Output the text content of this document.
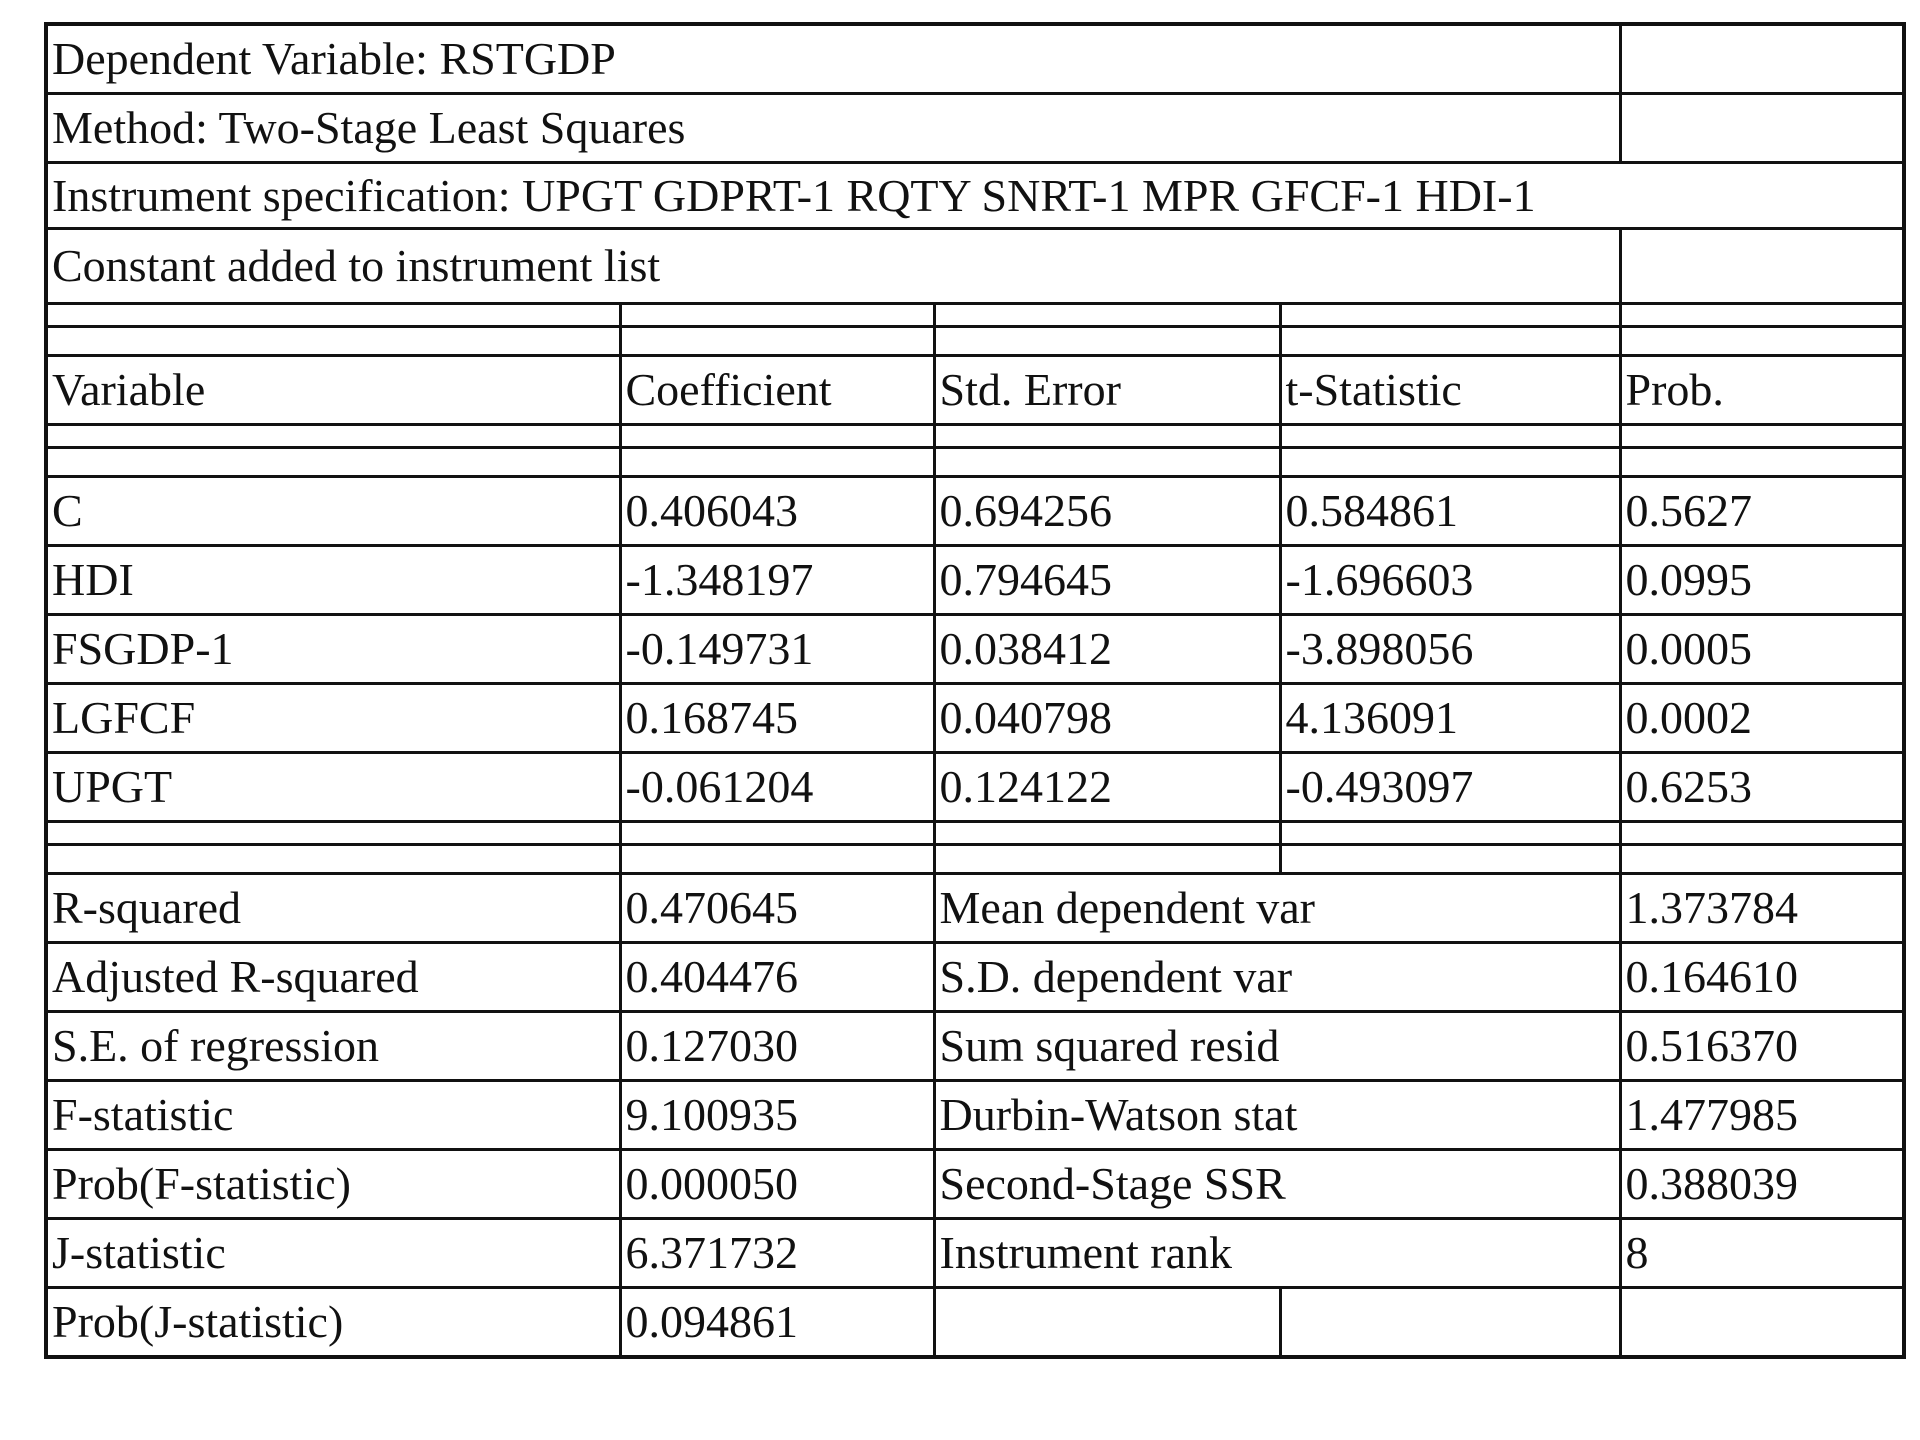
Dependent Variable: RSTGDP				
Method: Two-Stage Least Squares				
Instrument specification: UPGT GDPRT-1 RQTY SNRT-1 MPR GFCF-1 HDI-1				
Constant added to instrument list				

Variable	Coefficient	Std. Error	t-Statistic	Prob.

C	0.406043	0.694256	0.584861	0.5627
HDI	-1.348197	0.794645	-1.696603	0.0995
FSGDP-1	-0.149731	0.038412	-3.898056	0.0005
LGFCF	0.168745	0.040798	4.136091	0.0002
UPGT	-0.061204	0.124122	-0.493097	0.6253

R-squared	0.470645	Mean dependent var		1.373784
Adjusted R-squared	0.404476	S.D. dependent var		0.164610
S.E. of regression	0.127030	Sum squared resid		0.516370
F-statistic	9.100935	Durbin-Watson stat		1.477985
Prob(F-statistic)	0.000050	Second-Stage SSR		0.388039
J-statistic	6.371732	Instrument rank		8
Prob(J-statistic)	0.094861			
